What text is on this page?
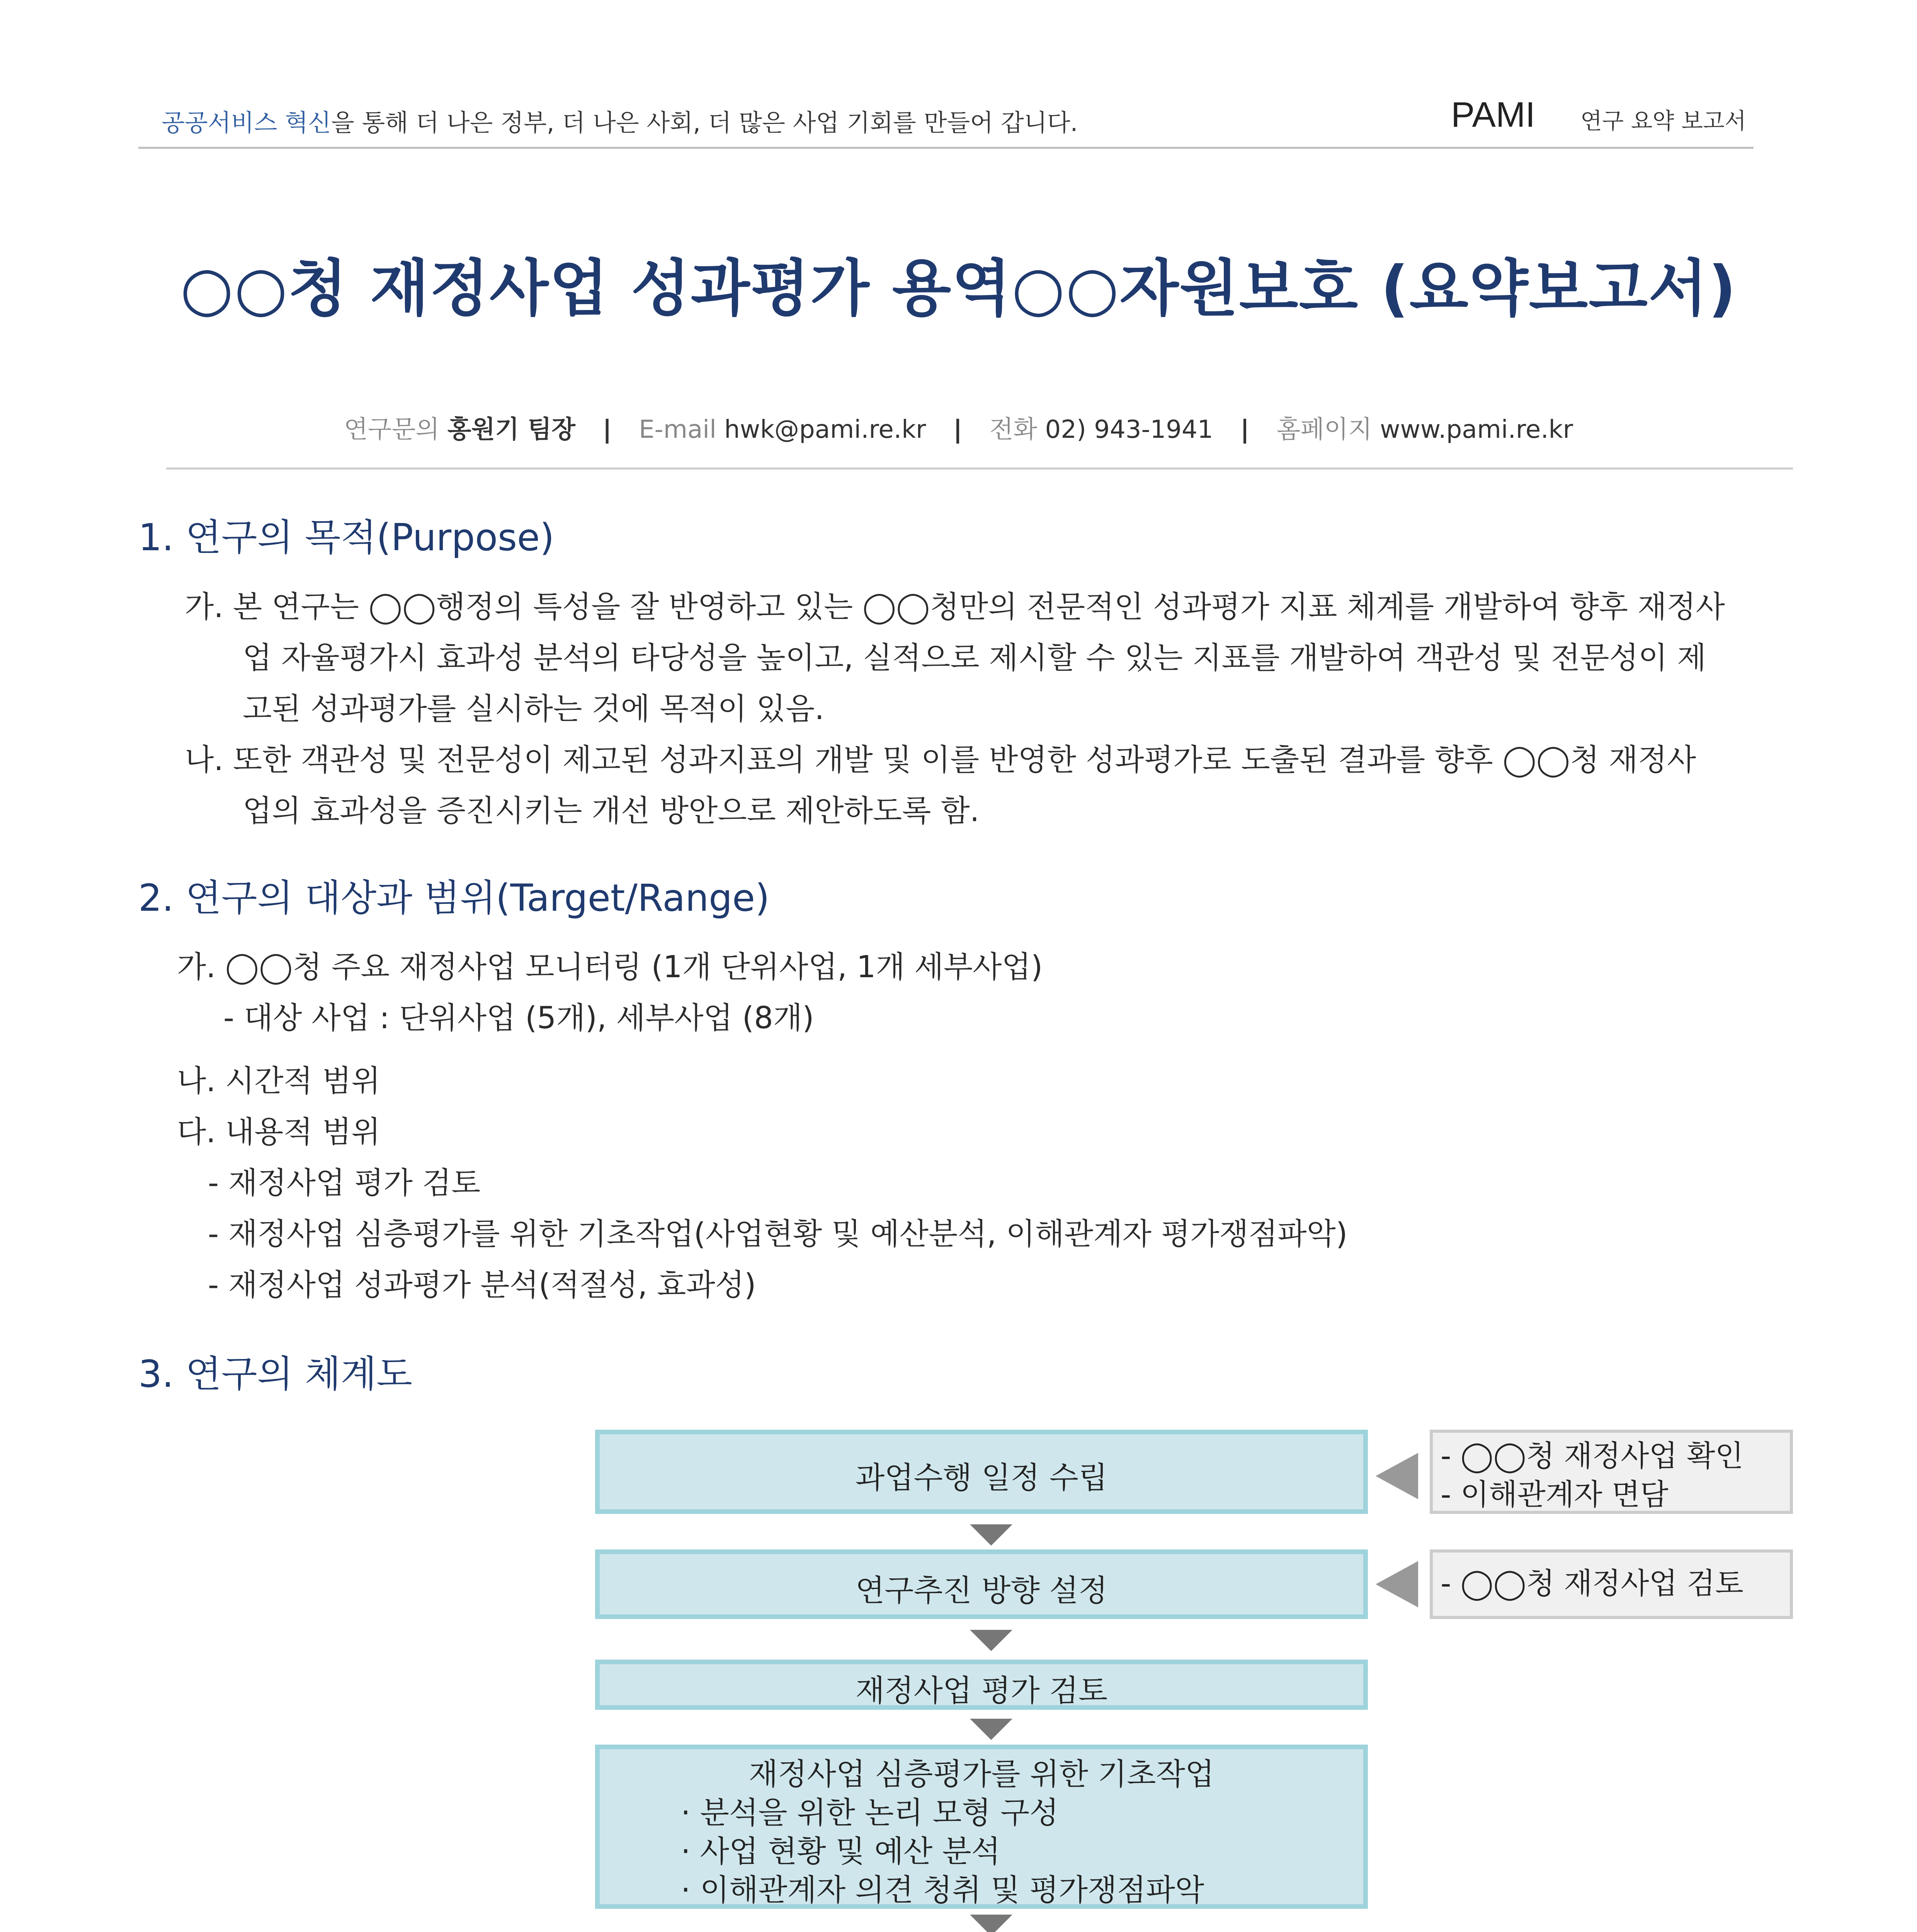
공공서비스 혁신을 통해 더 나은 정부, 더 나은 사회, 더 많은 사업 기회를 만들어 갑니다.	PAMI 연구 요약 보고서
○○청 재정사업 성과평가 용역○○자원보호 (요약보고서)
연구문의 홍원기 팀장 | E-mail hwk@pami.re.kr | 전화 02) 943-1941 | 홈페이지 www.pami.re.kr
1. 연구의 목적(Purpose)
가. 본 연구는 ◯◯행정의 특성을 잘 반영하고 있는 ◯◯청만의 전문적인 성과평가 지표 체계를 개발하여 향후 재정사
업 자율평가시 효과성 분석의 타당성을 높이고, 실적으로 제시할 수 있는 지표를 개발하여 객관성 및 전문성이 제
고된 성과평가를 실시하는 것에 목적이 있음.
나. 또한 객관성 및 전문성이 제고된 성과지표의 개발 및 이를 반영한 성과평가로 도출된 결과를 향후 ◯◯청 재정사
업의 효과성을 증진시키는 개선 방안으로 제안하도록 함.
2. 연구의 대상과 범위(Target/Range)
가. ◯◯청 주요 재정사업 모니터링 (1개 단위사업, 1개 세부사업)
- 대상 사업 : 단위사업 (5개), 세부사업 (8개)
나. 시간적 범위
다. 내용적 범위
- 재정사업 평가 검토
- 재정사업 심층평가를 위한 기초작업(사업현황 및 예산분석, 이해관계자 평가쟁점파악)
- 재정사업 성과평가 분석(적절성, 효과성)
3. 연구의 체계도
과업수행 일정 수립
연구추진 방향 설정
재정사업 평가 검토
재정사업 심층평가를 위한 기초작업
· 분석을 위한 논리 모형 구성
· 사업 현황 및 예산 분석
· 이해관계자 의견 청취 및 평가쟁점파악
- ◯◯청 재정사업 확인
- 이해관계자 면담
- ◯◯청 재정사업 검토
